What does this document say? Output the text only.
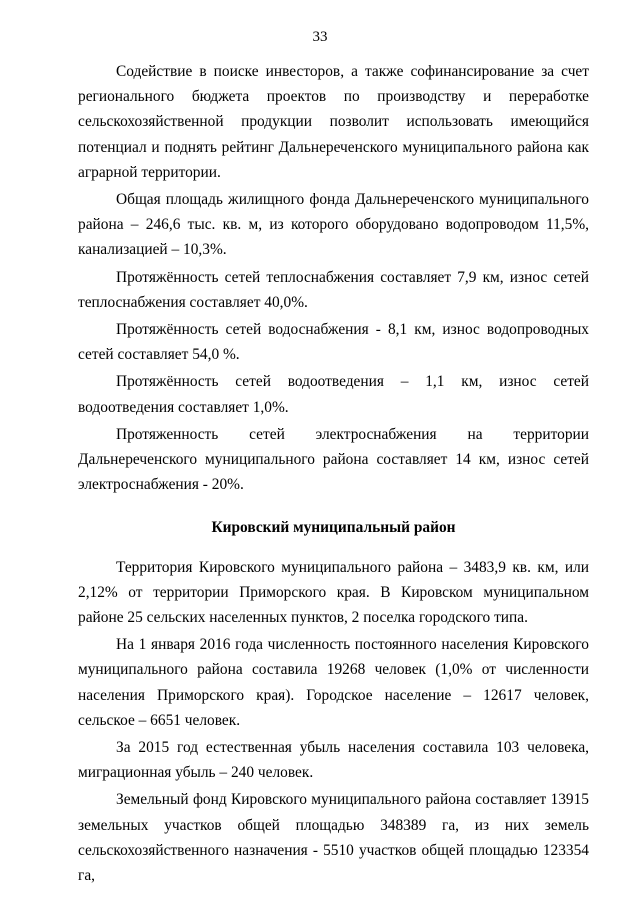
33

Содействие в поиске инвесторов, а также софинансирование за счет регионального бюджета проектов по производству и переработке сельскохозяйственной продукции позволит использовать имеющийся потенциал и поднять рейтинг Дальнереченского муниципального района как аграрной территории.

Общая площадь жилищного фонда Дальнереченского муниципального района – 246,6 тыс. кв. м, из которого оборудовано водопроводом 11,5%, канализацией – 10,3%.

Протяжённость сетей теплоснабжения составляет 7,9 км, износ сетей теплоснабжения составляет 40,0%.

Протяжённость сетей водоснабжения - 8,1 км, износ водопроводных сетей составляет 54,0 %.

Протяжённость сетей водоотведения – 1,1 км, износ сетей водоотведения составляет 1,0%.

Протяженность сетей электроснабжения на территории Дальнереченского муниципального района составляет 14 км, износ сетей электроснабжения - 20%.

Кировский муниципальный район

Территория Кировского муниципального района – 3483,9 кв. км, или 2,12% от территории Приморского края. В Кировском муниципальном районе 25 сельских населенных пунктов, 2 поселка городского типа.

На 1 января 2016 года численность постоянного населения Кировского муниципального района составила 19268 человек (1,0% от численности населения Приморского края). Городское население – 12617 человек, сельское – 6651 человек.

За 2015 год естественная убыль населения составила 103 человека, миграционная убыль – 240 человек.

Земельный фонд Кировского муниципального района составляет 13915 земельных участков общей площадью 348389 га, из них земель сельскохозяйственного назначения - 5510 участков общей площадью 123354 га,
